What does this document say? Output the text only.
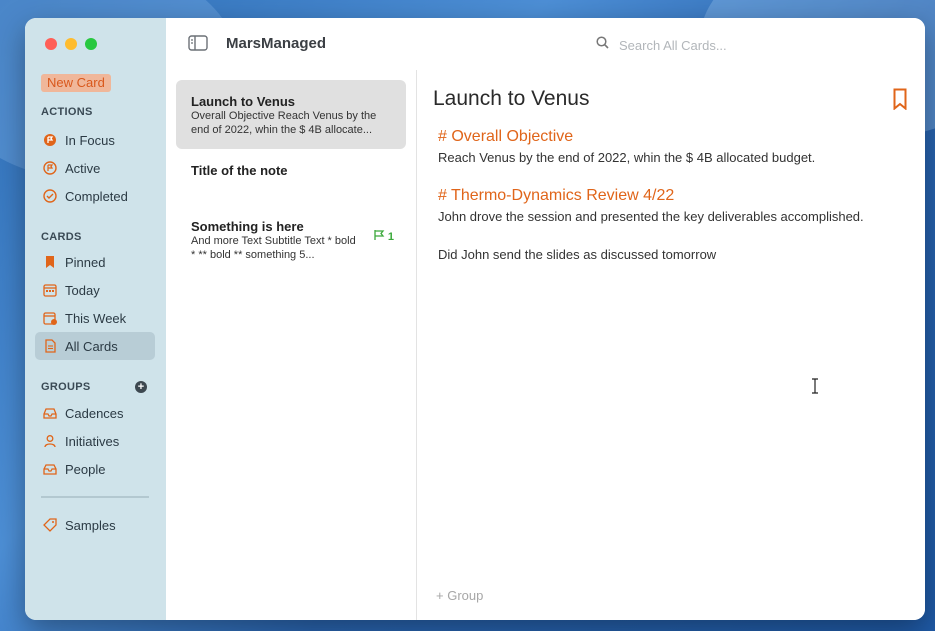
New Card
ACTIONS
In Focus
Active
Completed
CARDS
Pinned
Today
This Week
All Cards
GROUPS	+
Cadences
Initiatives
People
Samples
MarsManaged
Search All Cards...
Launch to Venus
Overall Objective Reach Venus by the end of 2022, whin the $ 4B allocate...
Title of the note
Something is here
And more Text Subtitle Text * bold * ** bold ** something 5...
1
Launch to Venus
# Overall Objective
Reach Venus by the end of 2022, whin the $ 4B allocated budget.
# Thermo-Dynamics Review 4/22
John drove the session and presented the key deliverables accomplished.
Did John send the slides as discussed tomorrow
+ Group
